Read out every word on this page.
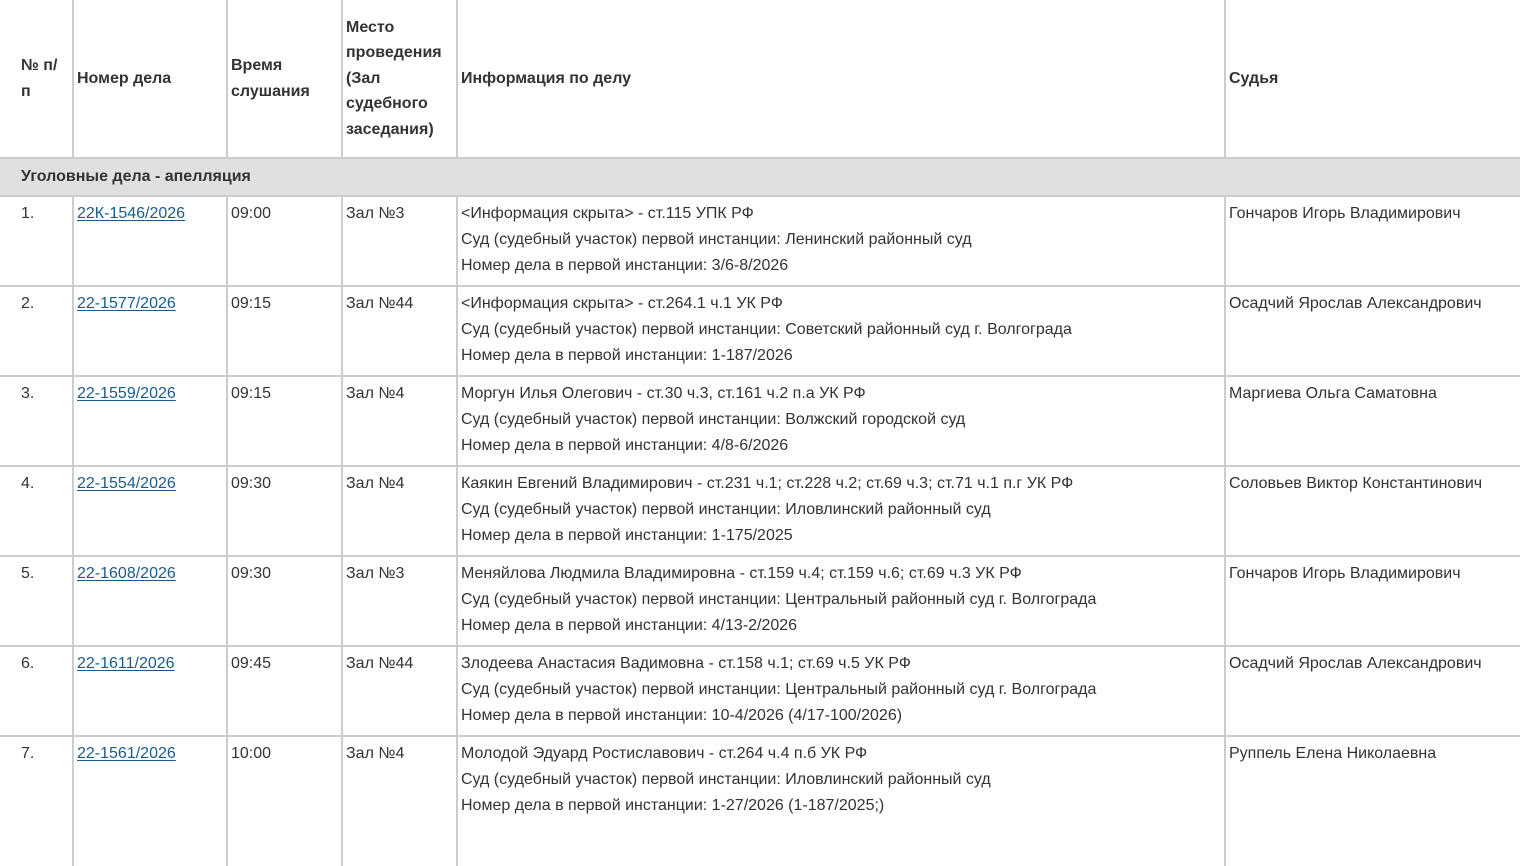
№ п/п	Номер дела	Время слушания	Место проведения (Зал судебного заседания)	Информация по делу	Судья
Уголовные дела - апелляция					
1.	22К-1546/2026	09:00	Зал №3	<Информация скрыта> - ст.115 УПК РФ
Суд (судебный участок) первой инстанции: Ленинский районный суд
Номер дела в первой инстанции: 3/6-8/2026	Гончаров Игорь Владимирович
2.	22-1577/2026	09:15	Зал №44	<Информация скрыта> - ст.264.1 ч.1 УК РФ
Суд (судебный участок) первой инстанции: Советский районный суд г. Волгограда
Номер дела в первой инстанции: 1-187/2026	Осадчий Ярослав Александрович
3.	22-1559/2026	09:15	Зал №4	Моргун Илья Олегович - ст.30 ч.3, ст.161 ч.2 п.а УК РФ
Суд (судебный участок) первой инстанции: Волжский городской суд
Номер дела в первой инстанции: 4/8-6/2026	Маргиева Ольга Саматовна
4.	22-1554/2026	09:30	Зал №4	Каякин Евгений Владимирович - ст.231 ч.1; ст.228 ч.2; ст.69 ч.3; ст.71 ч.1 п.г УК РФ
Суд (судебный участок) первой инстанции: Иловлинский районный суд
Номер дела в первой инстанции: 1-175/2025	Соловьев Виктор Константинович
5.	22-1608/2026	09:30	Зал №3	Меняйлова Людмила Владимировна - ст.159 ч.4; ст.159 ч.6; ст.69 ч.3 УК РФ
Суд (судебный участок) первой инстанции: Центральный районный суд г. Волгограда
Номер дела в первой инстанции: 4/13-2/2026	Гончаров Игорь Владимирович
6.	22-1611/2026	09:45	Зал №44	Злодеева Анастасия Вадимовна - ст.158 ч.1; ст.69 ч.5 УК РФ
Суд (судебный участок) первой инстанции: Центральный районный суд г. Волгограда
Номер дела в первой инстанции: 10-4/2026 (4/17-100/2026)	Осадчий Ярослав Александрович
7.	22-1561/2026	10:00	Зал №4	Молодой Эдуард Ростиславович - ст.264 ч.4 п.б УК РФ
Суд (судебный участок) первой инстанции: Иловлинский районный суд
Номер дела в первой инстанции: 1-27/2026 (1-187/2025;)	Руппель Елена Николаевна
